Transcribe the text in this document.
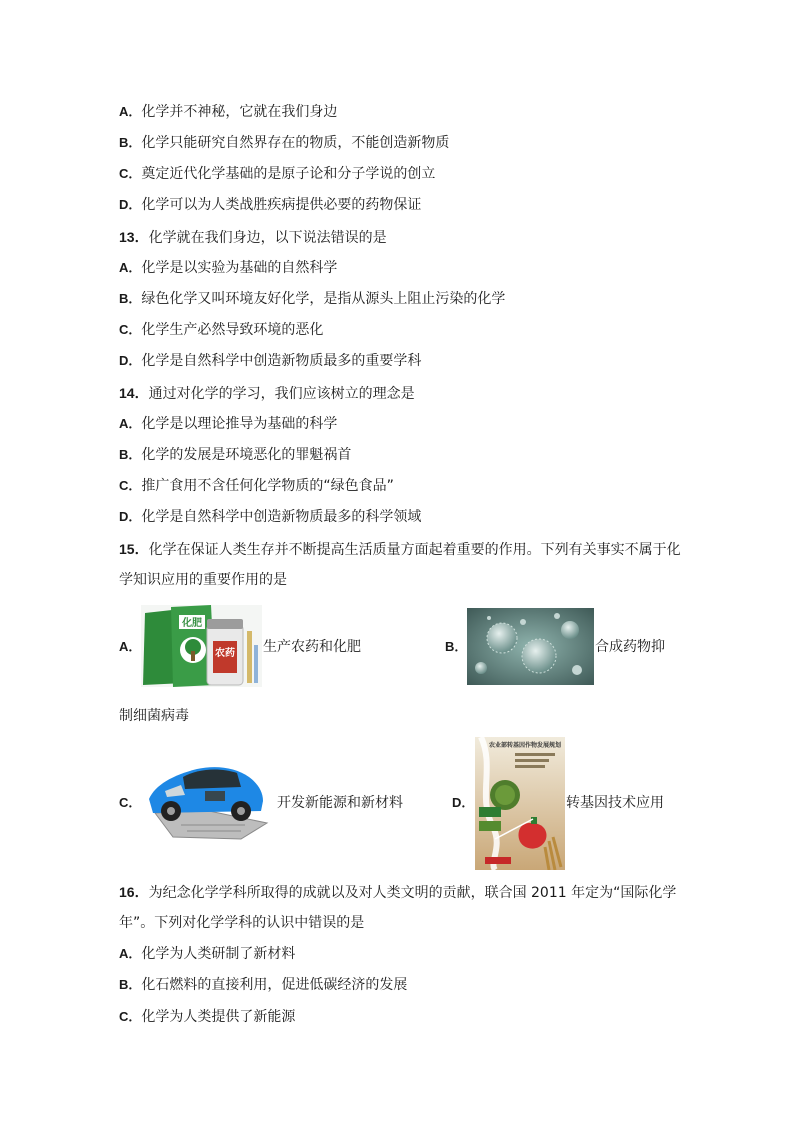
A．化学并不神秘，它就在我们身边
B．化学只能研究自然界存在的物质，不能创造新物质
C．奠定近代化学基础的是原子论和分子学说的创立
D．化学可以为人类战胜疾病提供必要的药物保证
13．化学就在我们身边，以下说法错误的是
A．化学是以实验为基础的自然科学
B．绿色化学又叫环境友好化学，是指从源头上阻止污染的化学
C．化学生产必然导致环境的恶化
D．化学是自然科学中创造新物质最多的重要学科
14．通过对化学的学习，我们应该树立的理念是
A．化学是以理论推导为基础的科学
B．化学的发展是环境恶化的罪魁祸首
C．推广食用不含任何化学物质的“绿色食品”
D．化学是自然科学中创造新物质最多的科学领域
15．化学在保证人类生存并不断提高生活质量方面起着重要的作用。下列有关事实不属于化
学知识应用的重要作用的是
A．
化肥
农药 生产农药和化肥	B．	合成药物抑
制细菌病毒
C．	开发新能源和新材料	D．
农业部转基因作物发展规划
转基因技术应用
16．为纪念化学学科所取得的成就以及对人类文明的贡献，联合国 2011 年定为“国际化学
年”。下列对化学学科的认识中错误的是
A．化学为人类研制了新材料
B．化石燃料的直接利用，促进低碳经济的发展
C．化学为人类提供了新能源
